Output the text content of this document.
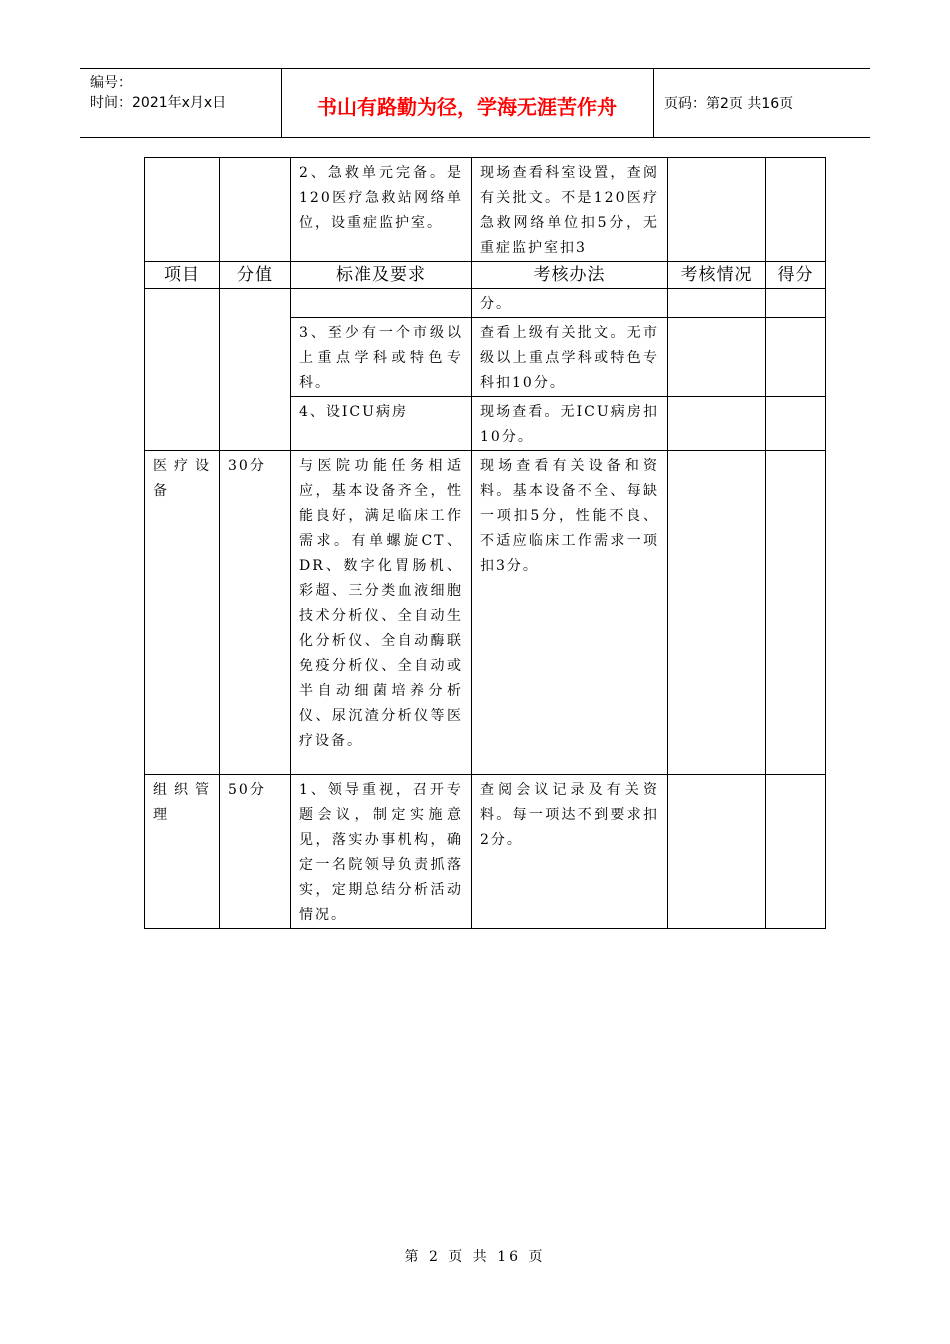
编号：
时间：2021年x月x日	书山有路勤为径，学海无涯苦作舟	页码：第2页 共16页
		2、急救单元完备。是120医疗急救站网络单位，设重症监护室。	现场查看科室设置，查阅有关批文。不是120医疗急救网络单位扣5分，无重症监护室扣3		
项目	分值	标准及要求	考核办法	考核情况	得分
			分。		
		3、至少有一个市级以上重点学科或特色专科。	查看上级有关批文。无市级以上重点学科或特色专科扣10分。		
		4、设ICU病房	现场查看。无ICU病房扣10分。		
医疗设备	30分	与医院功能任务相适应，基本设备齐全，性能良好，满足临床工作需求。有单螺旋CT、DR、数字化胃肠机、彩超、三分类血液细胞技术分析仪、全自动生化分析仪、全自动酶联免疫分析仪、全自动或半自动细菌培养分析仪、尿沉渣分析仪等医疗设备。	现场查看有关设备和资料。基本设备不全、每缺一项扣5分，性能不良、不适应临床工作需求一项扣3分。		
组织管理	50分	1、领导重视，召开专题会议，制定实施意见，落实办事机构，确定一名院领导负责抓落实，定期总结分析活动情况。	查阅会议记录及有关资料。每一项达不到要求扣2分。		
第 2 页 共 16 页
